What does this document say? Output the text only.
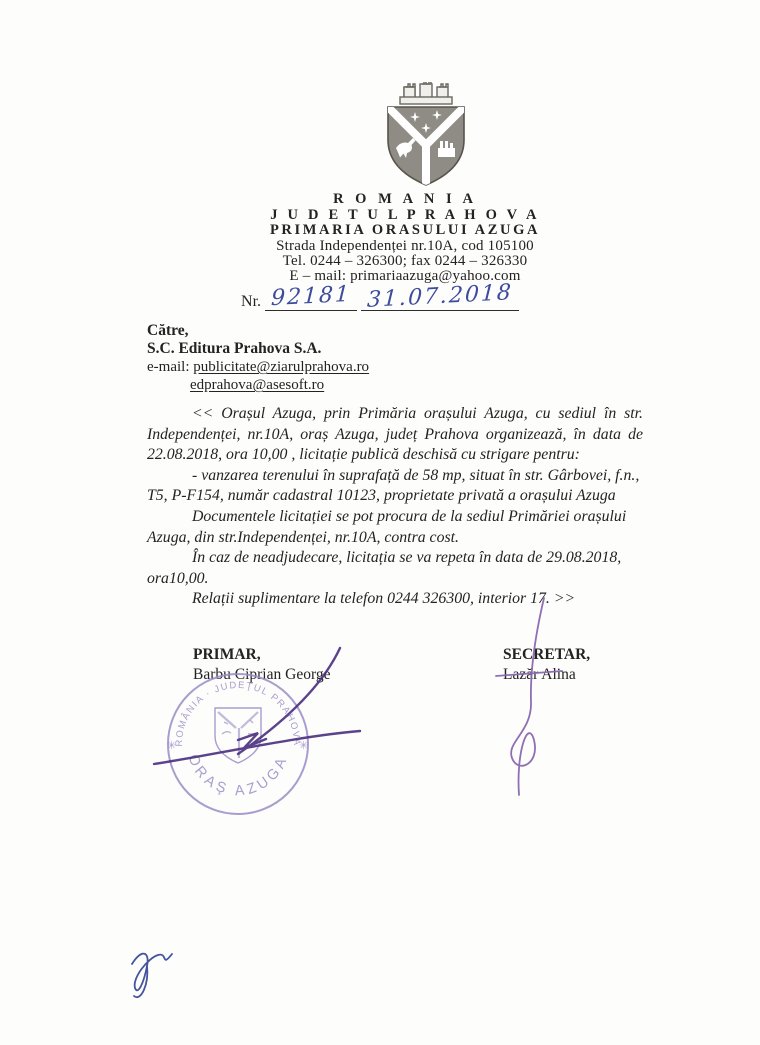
R O M A N I A
J U D E T U L P R A H O V A
PRIMARIA ORASULUI AZUGA
Strada Independenței nr.10A, cod 105100
Tel. 0244 – 326300; fax 0244 – 326330
E – mail: primariaazuga@yahoo.com
Nr. 92181 31.07.2018
Către,
S.C. Editura Prahova S.A.
e-mail: publicitate@ziarulprahova.ro
edprahova@asesoft.ro

<< Orașul Azuga, prin Primăria orașului Azuga, cu sediul în str. Independenței, nr.10A, oraș Azuga, județ Prahova organizează, în data de 22.08.2018, ora 10,00 , licitație publică deschisă cu strigare pentru:

- vanzarea terenului în suprafață de 58 mp, situat în str. Gârbovei, f.n., T5, P-F154, număr cadastral 10123, proprietate privată a orașului Azuga

Documentele licitației se pot procura de la sediul Primăriei orașului Azuga, din str.Independenței, nr.10A, contra cost.

În caz de neadjudecare, licitația se va repeta în data de 29.08.2018, ora10,00.

Relații suplimentare la telefon 0244 326300, interior 17. >>

PRIMAR,
Barbu Ciprian George
SECRETAR,
Lazăr Alina
ROMÂNIA · JUDEŢUL PRAHOVA
ORAŞ AZUGA
✳	✳
